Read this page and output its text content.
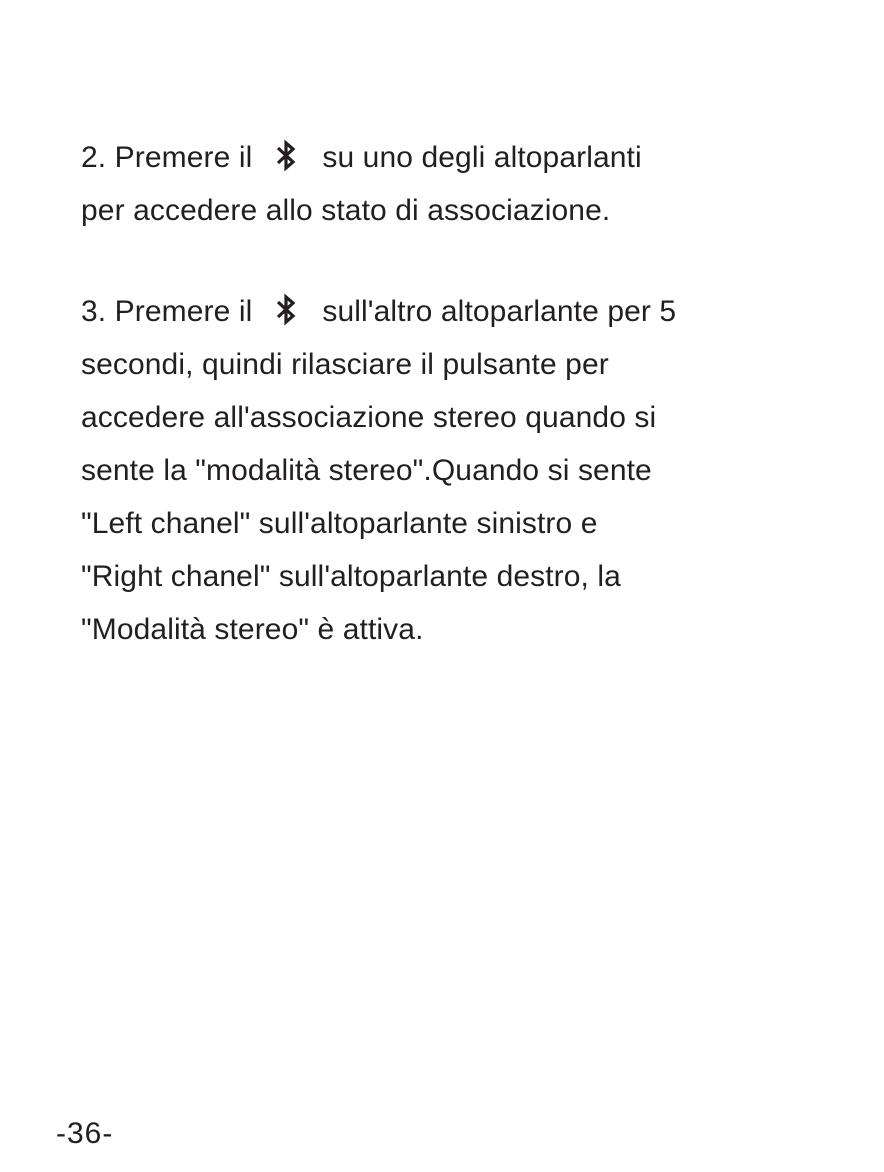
2. Premere il su uno degli altoparlanti
per accedere allo stato di associazione.
3. Premere il sull'altro altoparlante per 5
secondi, quindi rilasciare il pulsante per
accedere all'associazione stereo quando si
sente la "modalità stereo".Quando si sente
"Left chanel" sull'altoparlante sinistro e
"Right chanel" sull'altoparlante destro, la
"Modalità stereo" è attiva.
-36-
